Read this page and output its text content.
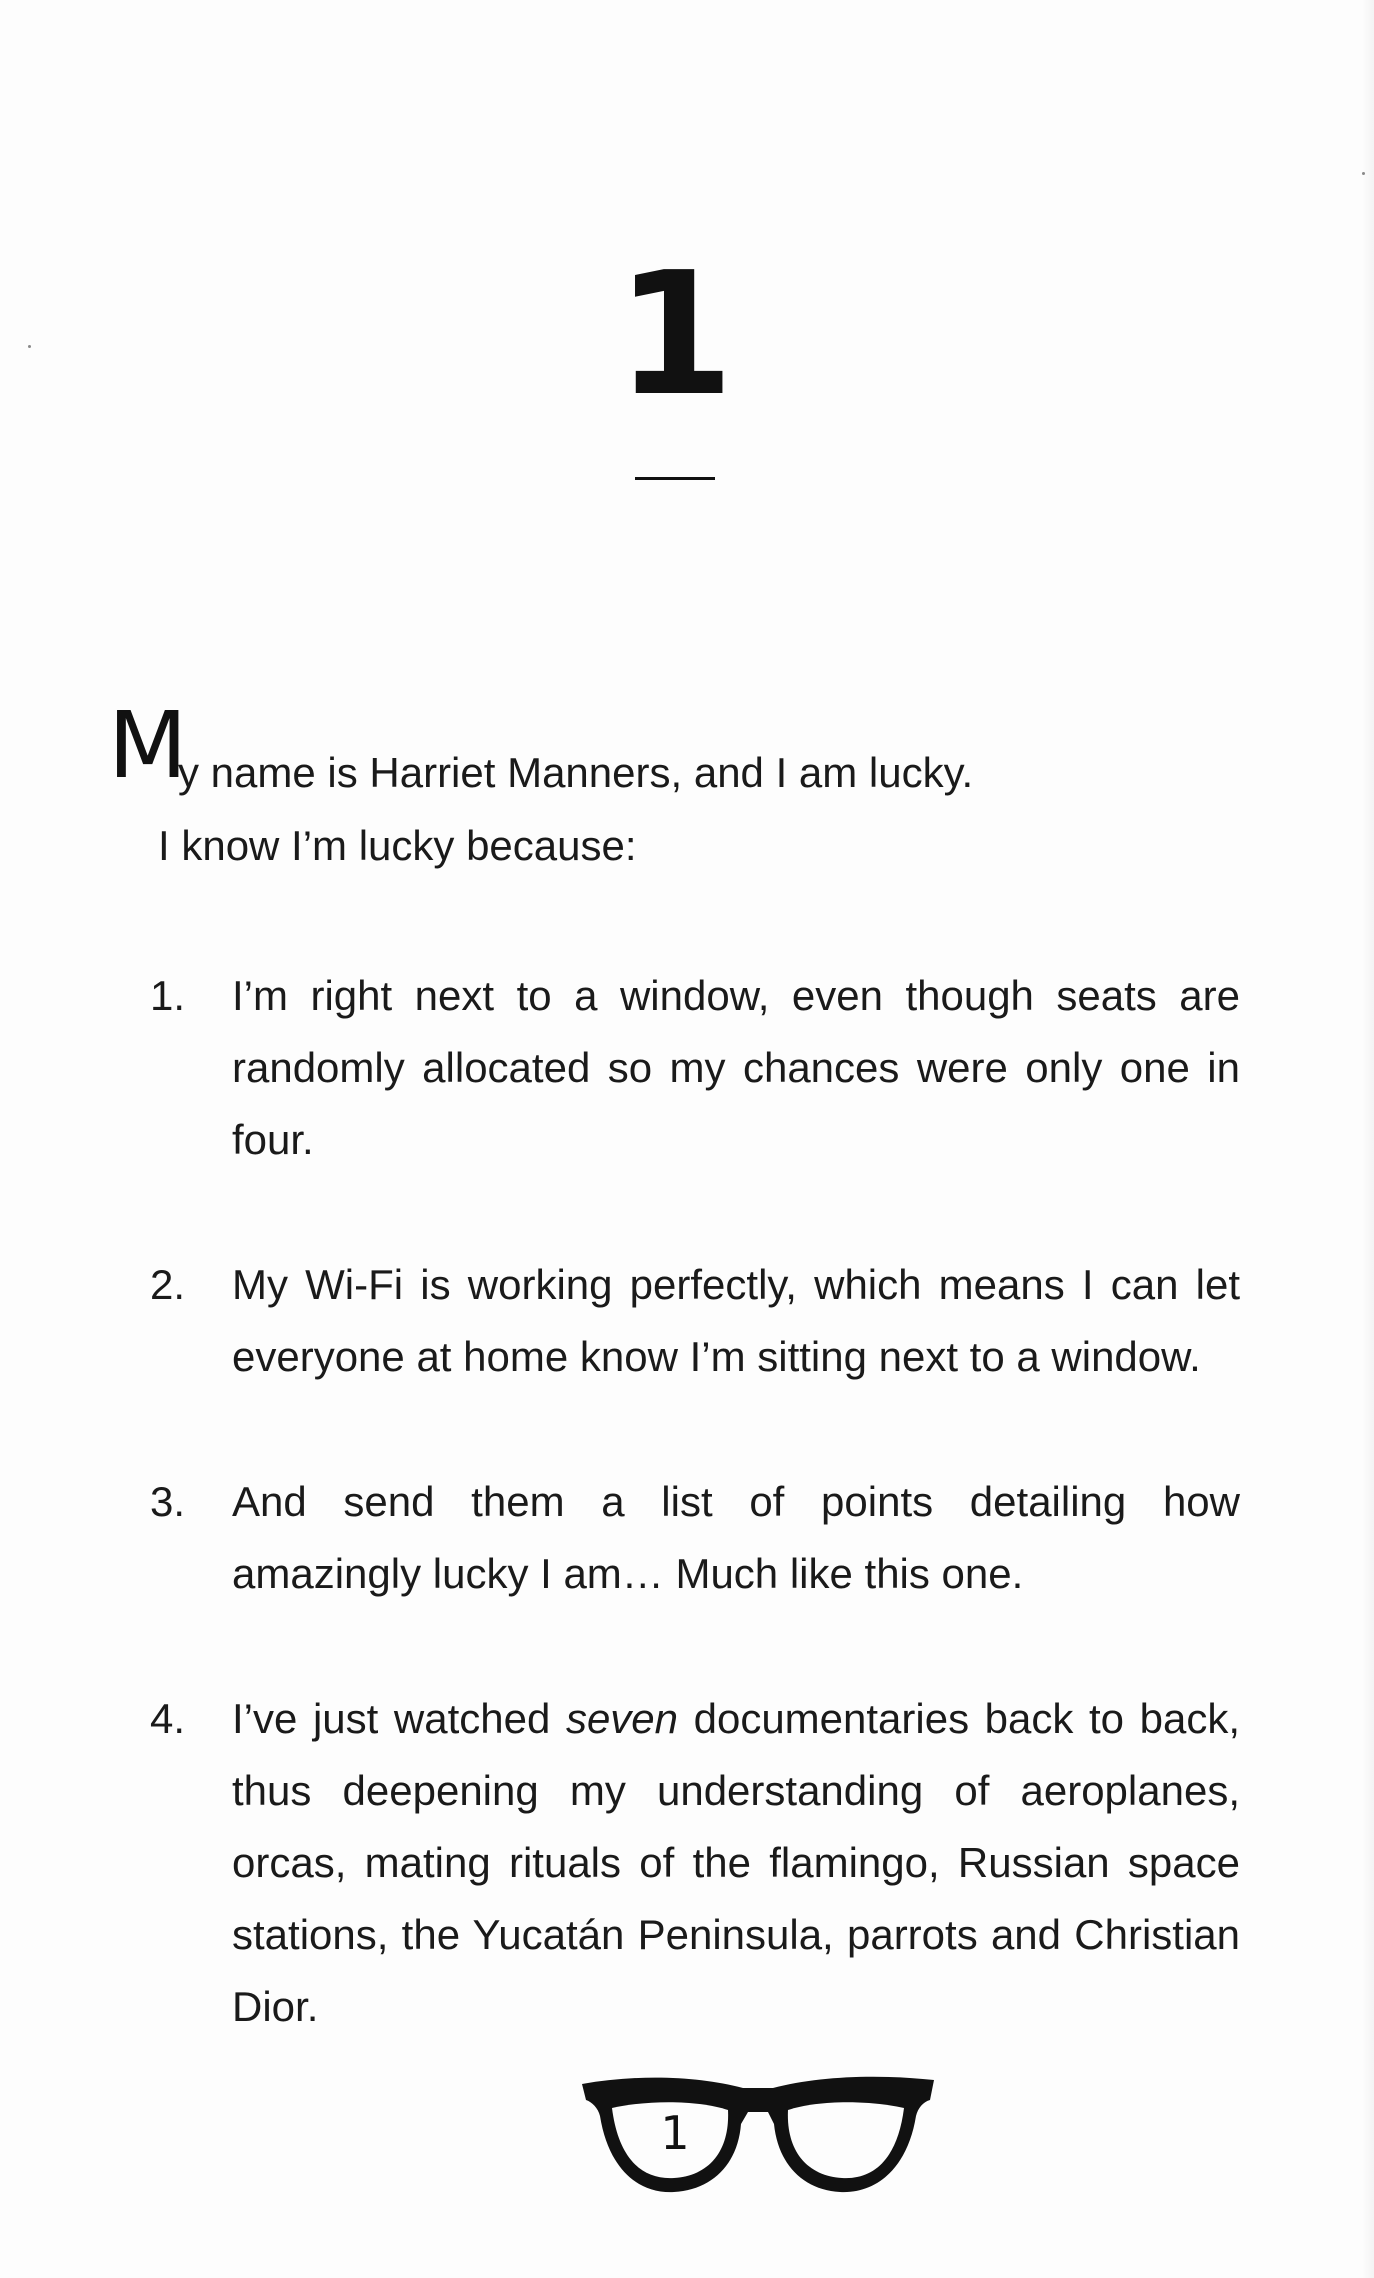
1
M
y name is Harriet Manners, and I am lucky.
I know I’m lucky because:
1. I’m right next to a window, even though seats are randomly allocated so my chances were only one in four.
2. My Wi-Fi is working perfectly, which means I can let everyone at home know I’m sitting next to a window.
3. And send them a list of points detailing how amazingly lucky I am… Much like this one.
4. I’ve just watched seven documentaries back to back, thus deepening my understanding of aeroplanes, orcas, mating rituals of the flamingo, Russian space stations, the Yucatán Peninsula, parrots and Christian Dior.
1
